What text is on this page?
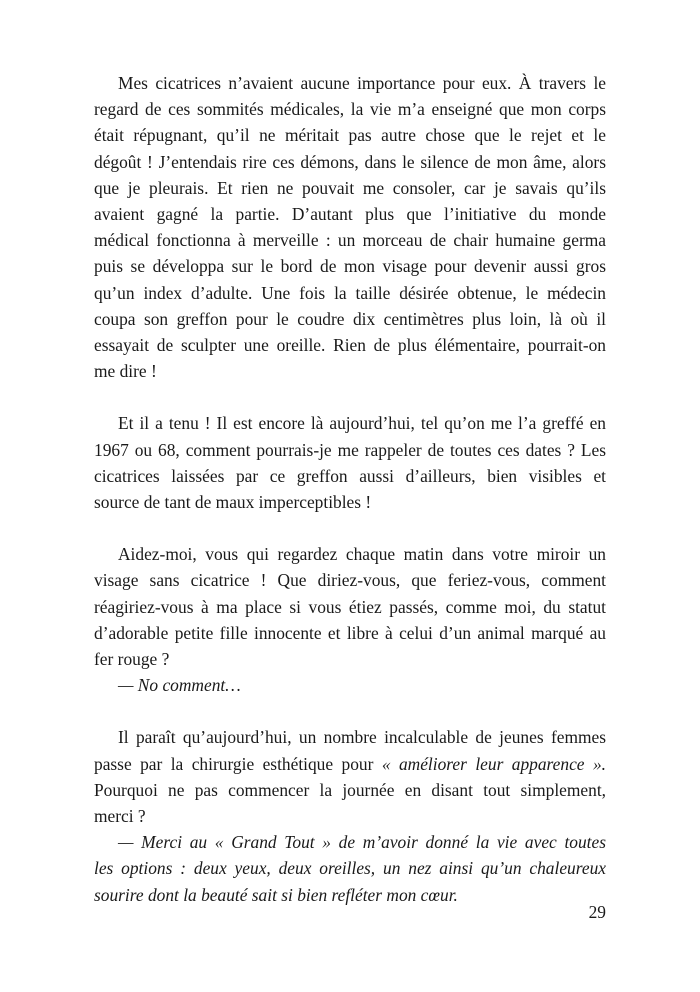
Mes cicatrices n’avaient aucune importance pour eux. À travers le
regard de ces sommités médicales, la vie m’a enseigné que mon corps
était répugnant, qu’il ne méritait pas autre chose que le rejet et le
dégoût ! J’entendais rire ces démons, dans le silence de mon âme, alors
que je pleurais. Et rien ne pouvait me consoler, car je savais qu’ils
avaient gagné la partie. D’autant plus que l’initiative du monde
médical fonctionna à merveille : un morceau de chair humaine germa
puis se développa sur le bord de mon visage pour devenir aussi gros
qu’un index d’adulte. Une fois la taille désirée obtenue, le médecin
coupa son greffon pour le coudre dix centimètres plus loin, là où il
essayait de sculpter une oreille. Rien de plus élémentaire, pourrait-on
me dire !
Et il a tenu ! Il est encore là aujourd’hui, tel qu’on me l’a greffé en
1967 ou 68, comment pourrais-je me rappeler de toutes ces dates ? Les
cicatrices laissées par ce greffon aussi d’ailleurs, bien visibles et
source de tant de maux imperceptibles !
Aidez-moi, vous qui regardez chaque matin dans votre miroir un
visage sans cicatrice ! Que diriez-vous, que feriez-vous, comment
réagiriez-vous à ma place si vous étiez passés, comme moi, du statut
d’adorable petite fille innocente et libre à celui d’un animal marqué au
fer rouge ?
— No comment…
Il paraît qu’aujourd’hui, un nombre incalculable de jeunes femmes
passe par la chirurgie esthétique pour « améliorer leur apparence ».
Pourquoi ne pas commencer la journée en disant tout simplement,
merci ?
— Merci au « Grand Tout » de m’avoir donné la vie avec toutes
les options : deux yeux, deux oreilles, un nez ainsi qu’un chaleureux
sourire dont la beauté sait si bien refléter mon cœur.
29
